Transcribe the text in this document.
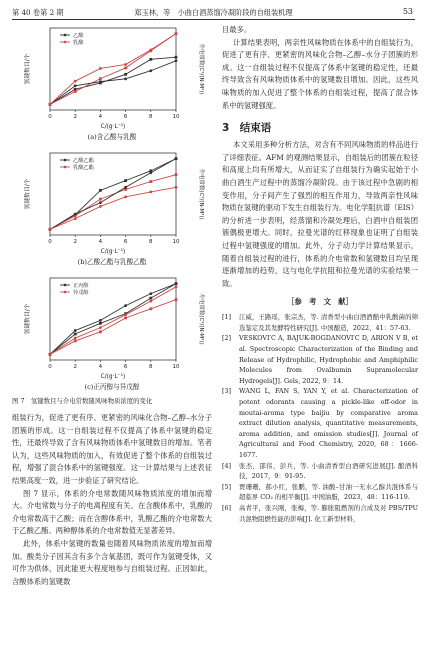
第 40 卷第 2 期	郑玉林，等　小曲白酒蒸馏冷凝阶段的自组装机理	53
0	2	4	6	8	10
C/(g·L⁻¹)
氢键数目/个	介电常数(C²/(N·M²))
乙酸
乳酸
(a)含乙酸与乳酸
0	2	4	6	8	10
C/(g·L⁻¹)
氢键数目/个	介电常数(C²/(N·M²))
乙酸乙酯
乳酸乙酯
(b)乙酸乙酯与乳酸乙酯
0	2	4	6	8	10
C/(g·L⁻¹)
氢键数目/个	介电常数(C²/(N·M²))
正丙醇
异戊醇
(c)正丙醇与异戊醇
图 7　氢键数目与介电常数随风味物质浓度的变化

组装行为，促进了更有序、更紧密的风味化合物–乙醇–水分子团簇的形成。这一自组装过程不仅提高了体系中氢键的稳定性，还最终导致了含有风味物质体系中氢键数目的增加。笔者认为，这些风味物质的加入，有效促进了整个体系的自组装过程，增强了混合体系中的氢键强度。这一计算结果与上述表征结果高度一致，进一步验证了研究结论。

图 7 显示，体系的介电常数随风味物质浓度的增加而增大。介电常数与分子的电离程度有关。在含酸体系中，乳酸的介电常数高于乙酸；而在含醇体系中，乳酸乙酯的介电常数大于乙酸乙酯。两种醇体系的介电常数值无显著差异。

此外，体系中氢键的数量也随着风味物质浓度的增加而增加。酸类分子因其含有多个含氧基团，既可作为氢键受体，又可作为供体，因此能更大程度地参与自组装过程。正因如此，含酸体系的氢键数

目最多。

计算结果表明，两亲性风味物质在体系中的自组装行为，促进了更有序、更紧密的风味化合物–乙醇–水分子团簇的形成。这一自组装过程不仅提高了体系中氢键的稳定性，还最终导致含有风味物质体系中的氢键数目增加。因此，这些风味物质的加入促进了整个体系的自组装过程，提高了混合体系中的氢键强度。

3　结束语

本文采用多种分析方法，对含有不同风味物质的样品进行了详细表征。AFM 的观测结果显示，自组装后的团簇在粒径和高度上均有所增大，从而证实了自组装行为确实起始于小曲白酒生产过程中的蒸馏冷凝阶段。由于该过程中急剧的相变作用，分子间产生了强烈的相互作用力，导致两亲性风味物质在氢键的驱动下发生自组装行为。电化学阻抗谱（EIS）的分析进一步表明，经蒸馏和冷凝处理后，白酒中自组装团簇偶极更增大。同时，拉曼光谱的红移现象也证明了自组装过程中氢键强度的增加。此外，分子动力学计算结果显示，随着自组装过程的进行，体系的介电常数和氢键数目均呈现逐渐增加的趋势，这与电化学抗阻和拉曼光谱的实验结果一致。

［参　考　文　献］
[1]	江威，王路瑶，张宗杰，等. 清香型小曲白酒酒醅中乳酸菌的筛选鉴定及其发酵特性研究[J]. 中国酿造，2022，41：57-63.
[2]	VESKOVI′C A, BAJUK-BOGDANOVI′C D, ARION V B, et al. Spectroscopic Characterization of the Binding and Release of Hydrophilic, Hydrophobic and Amphiphilic Molecules from Ovalbumin Supramolecular Hydrogels[J]. Gels, 2022, 9：14.
[3]	WANG L, FAN S, YAN Y, et al. Characterization of potent odorants causing a pickle-like off-odor in moutai-aroma type baijiu by comparative aroma extract dilution analysis, quantitative measurements, aroma addition, and omission studies[J]. Journal of Agricultural and Food Chemistry, 2020, 68：1666-1677.
[4]	张杰，邵伟，彭兵，等. 小曲清香型白酒研究进展[J]. 酿酒科技，2017，9：91-95.
[5]	贾珊珊，郝小红，张鹏，等. 油酸–甘油一无水乙醇共混体系与超临界 CO₂ 的相平衡[J]. 中国油脂，2023，48：116-119.
[6]	高青平，张兴刚，张梅，等. 膨胀阻燃剂的合成及对 PBS/TPU 共混物阻燃性能的影响[J]. 化工新型材料，
